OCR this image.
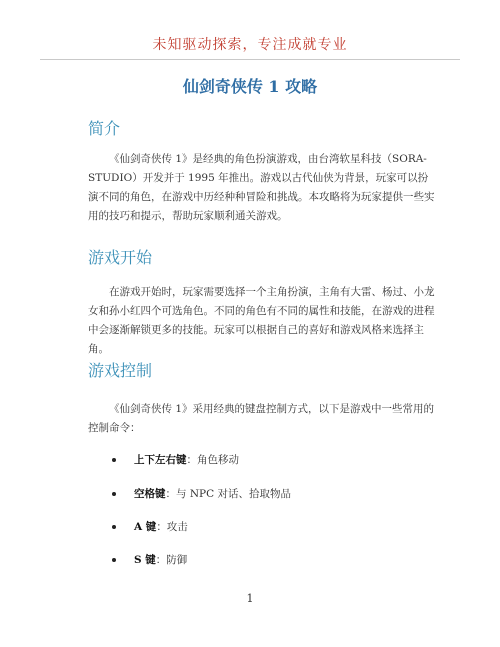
未知驱动探索，专注成就专业
仙剑奇侠传 1 攻略
简介
《仙剑奇侠传 1》是经典的角色扮演游戏，由台湾软星科技（SORA-STUDIO）开发并于 1995 年推出。游戏以古代仙侠为背景，玩家可以扮演不同的角色，在游戏中历经种种冒险和挑战。本攻略将为玩家提供一些实用的技巧和提示，帮助玩家顺利通关游戏。
游戏开始
在游戏开始时，玩家需要选择一个主角扮演，主角有大雷、杨过、小龙女和孙小红四个可选角色。不同的角色有不同的属性和技能，在游戏的进程中会逐渐解锁更多的技能。玩家可以根据自己的喜好和游戏风格来选择主角。
游戏控制
《仙剑奇侠传 1》采用经典的键盘控制方式，以下是游戏中一些常用的控制命令：
上下左右键 ：角色移动
空格键 ：与 NPC 对话、拾取物品
A 键 ：攻击
S 键 ：防御
1
